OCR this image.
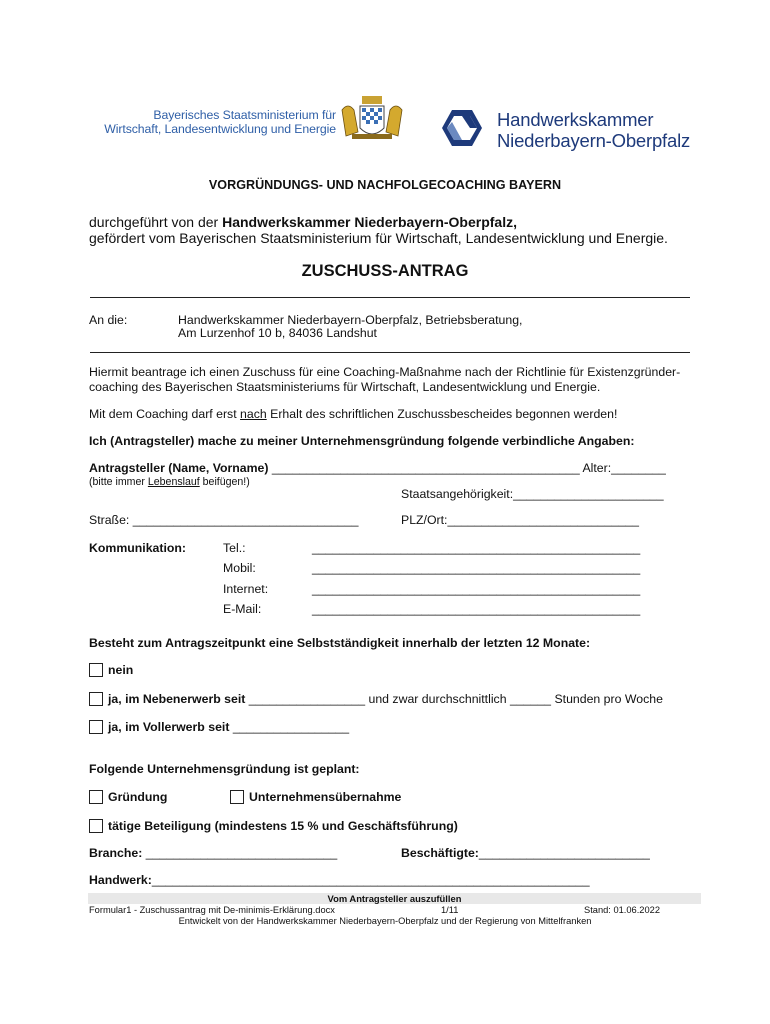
Bayerisches Staatsministerium für
Wirtschaft, Landesentwicklung und Energie	Handwerkskammer
Niederbayern-Oberpfalz
VORGRÜNDUNGS- UND NACHFOLGECOACHING BAYERN
durchgeführt von der Handwerkskammer Niederbayern-Oberpfalz,
gefördert vom Bayerischen Staatsministerium für Wirtschaft, Landesentwicklung und Energie.
ZUSCHUSS-ANTRAG
An die:	Handwerkskammer Niederbayern-Oberpfalz, Betriebsberatung,
Am Lurzenhof 10 b, 84036 Landshut
Hiermit beantrage ich einen Zuschuss für eine Coaching-Maßnahme nach der Richtlinie für Existenzgründer-
coaching des Bayerischen Staatsministeriums für Wirtschaft, Landesentwicklung und Energie.
Mit dem Coaching darf erst nach Erhalt des schriftlichen Zuschussbescheides begonnen werden!
Ich (Antragsteller) mache zu meiner Unternehmensgründung folgende verbindliche Angaben:
Antragsteller (Name, Vorname) _____________________________________________ Alter:________
(bitte immer Lebenslauf beifügen!)
Staatsangehörigkeit:______________________
Straße: _________________________________	PLZ/Ort:____________________________
Kommunikation:	Tel.:	________________________________________________
Mobil:	________________________________________________
Internet:	________________________________________________
E-Mail:	________________________________________________
Besteht zum Antragszeitpunkt eine Selbstständigkeit innerhalb der letzten 12 Monate:
nein
ja, im Nebenerwerb seit _________________ und zwar durchschnittlich ______ Stunden pro Woche
ja, im Vollerwerb seit _________________
Folgende Unternehmensgründung ist geplant:
Gründung	Unternehmensübernahme
tätige Beteiligung (mindestens 15 % und Geschäftsführung)
Branche: ____________________________	Beschäftigte:_________________________
Handwerk:________________________________________________________________
Vom Antragsteller auszufüllen
Formular1 - Zuschussantrag mit De-minimis-Erklärung.docx	1/11	Stand: 01.06.2022
Entwickelt von der Handwerkskammer Niederbayern-Oberpfalz und der Regierung von Mittelfranken
